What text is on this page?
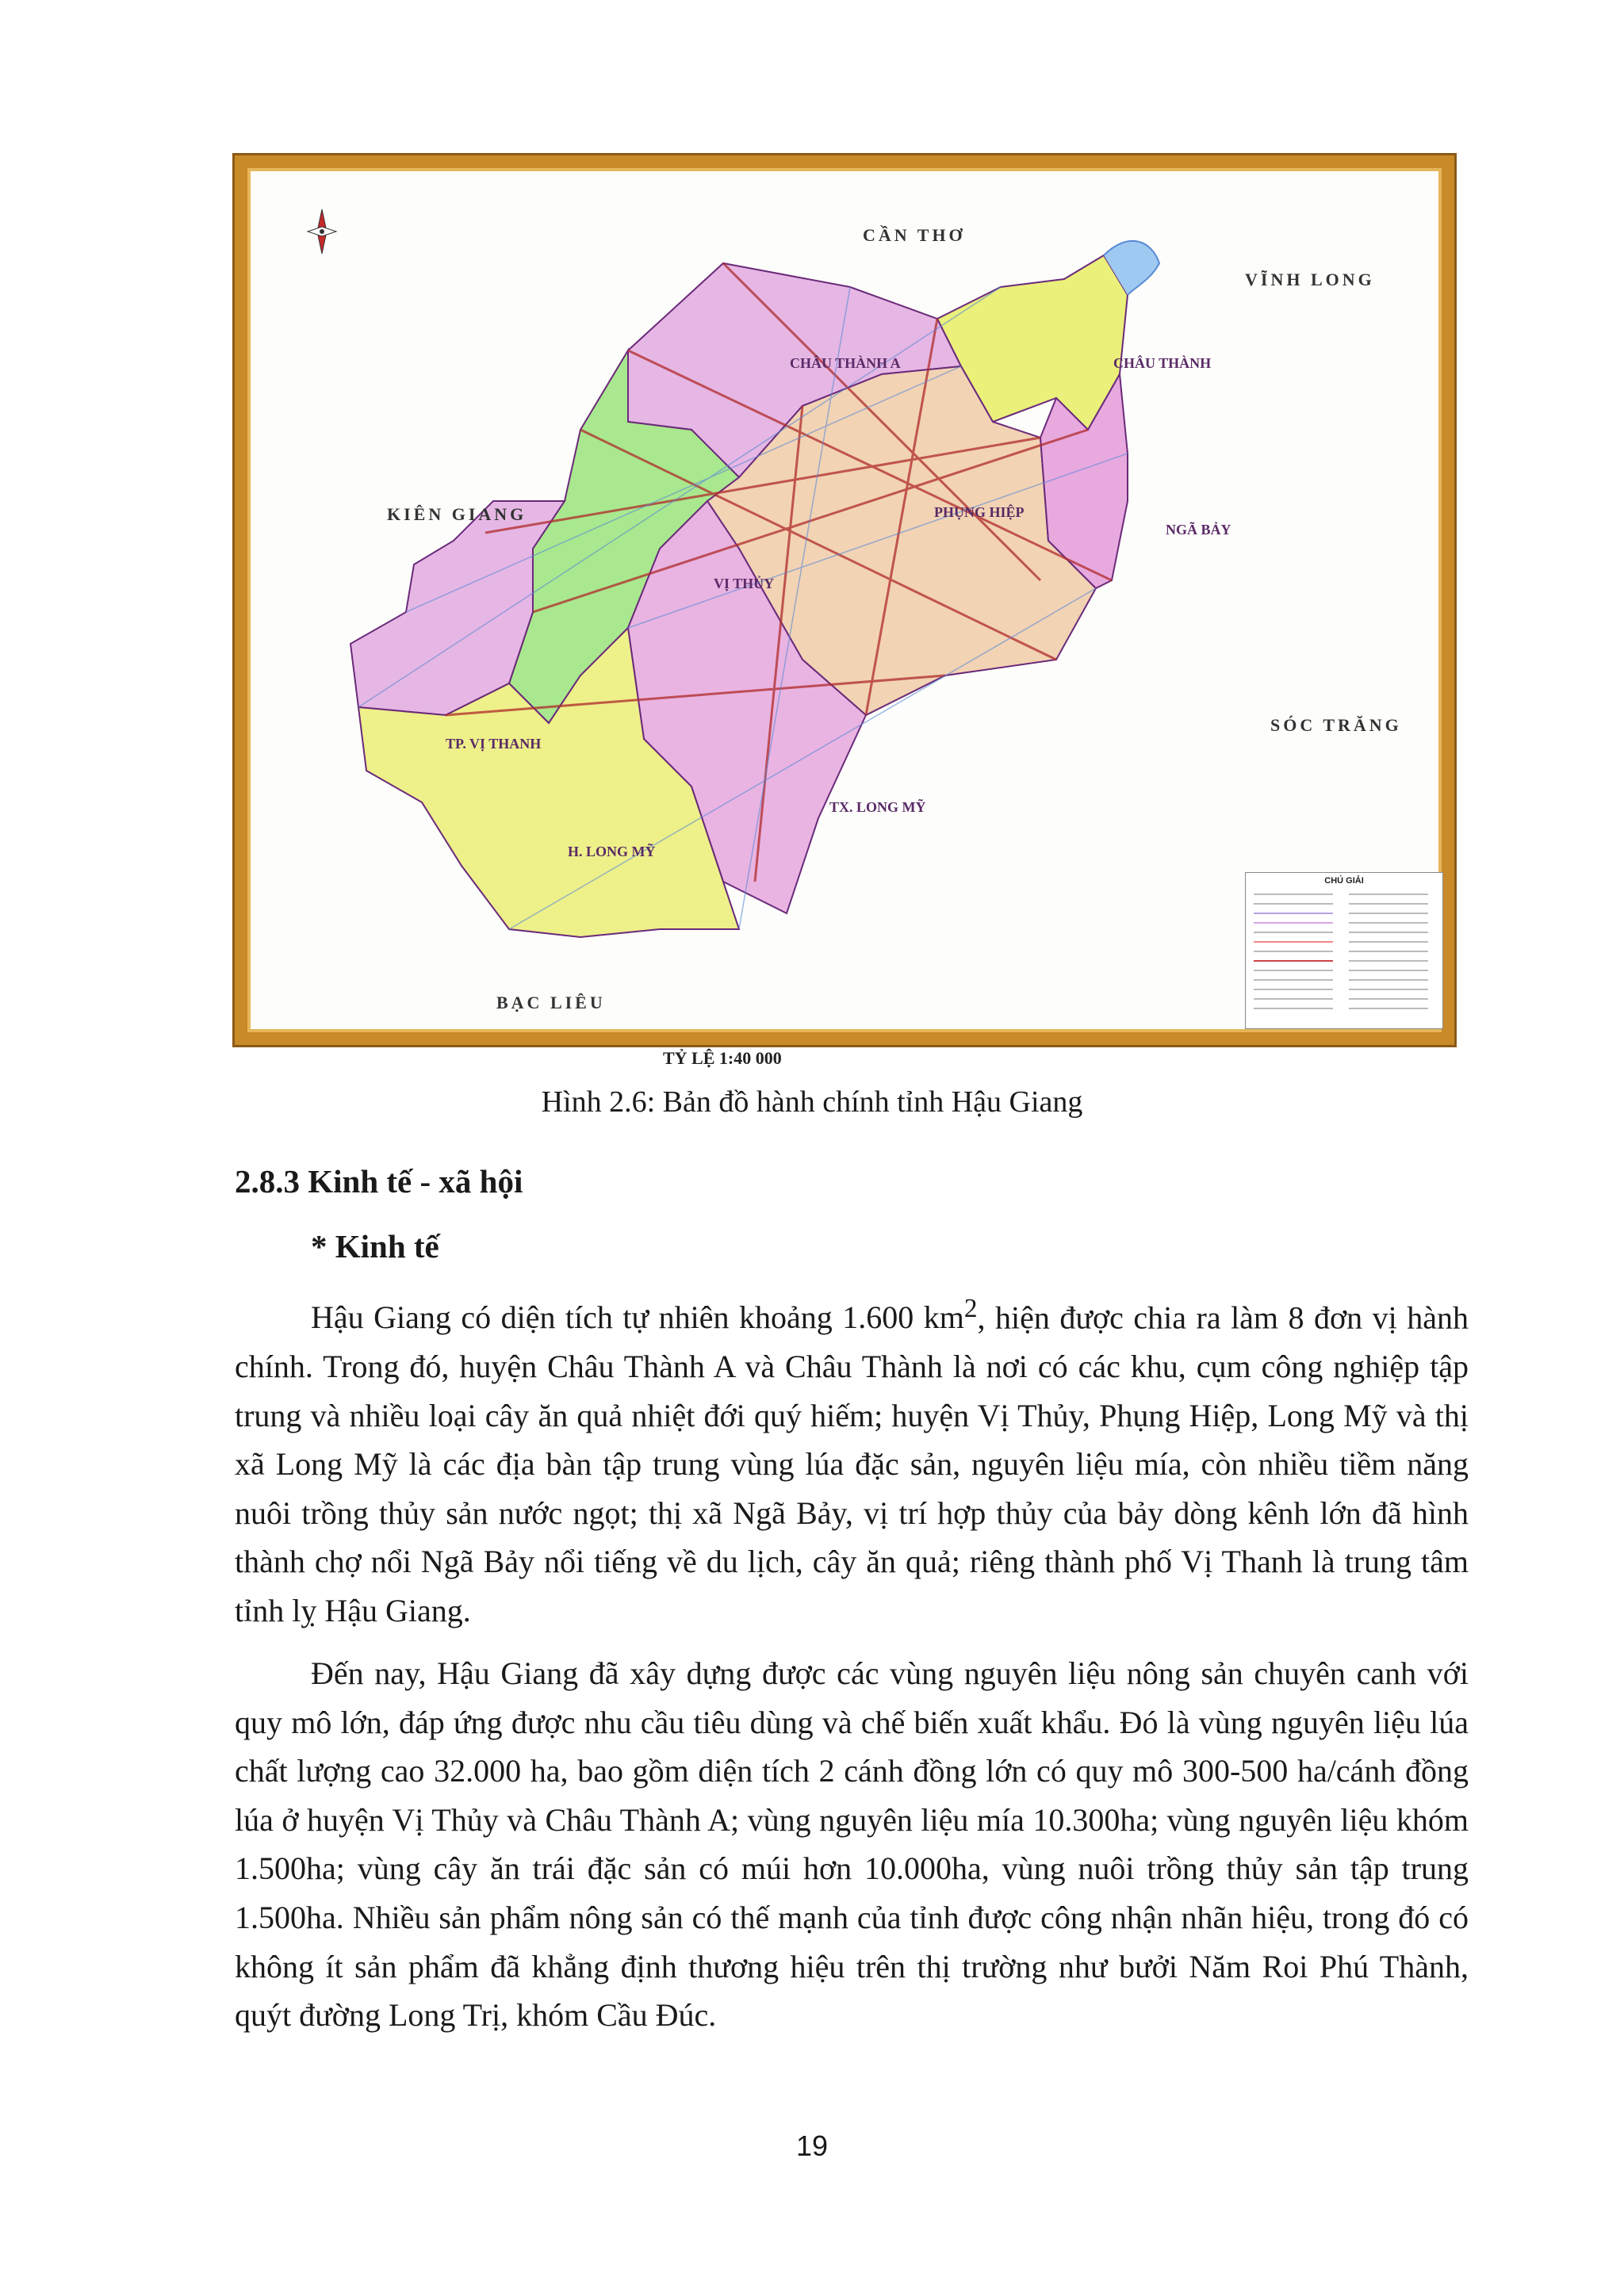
CẦN THƠ
VĨNH LONG
KIÊN GIANG
SÓC TRĂNG
BẠC LIÊU
CHÂU THÀNH A	CHÂU THÀNH
PHỤNG HIỆP
NGÃ BẢY
VỊ THỦY
TP. VỊ THANH
TX. LONG MỸ
H. LONG MỸ
CHÚ GIẢI
TỶ LỆ 1:40 000
Hình 2.6: Bản đồ hành chính tỉnh Hậu Giang
2.8.3 Kinh tế - xã hội
* Kinh tế

Hậu Giang có diện tích tự nhiên khoảng 1.600 $km^2$, hiện được chia ra làm 8 đơn vị hành chính. Trong đó, huyện Châu Thành A và Châu Thành là nơi có các khu, cụm công nghiệp tập trung và nhiều loại cây ăn quả nhiệt đới quý hiếm; huyện Vị Thủy, Phụng Hiệp, Long Mỹ và thị xã Long Mỹ là các địa bàn tập trung vùng lúa đặc sản, nguyên liệu mía, còn nhiều tiềm năng nuôi trồng thủy sản nước ngọt; thị xã Ngã Bảy, vị trí hợp thủy của bảy dòng kênh lớn đã hình thành chợ nổi Ngã Bảy nổi tiếng về du lịch, cây ăn quả; riêng thành phố Vị Thanh là trung tâm tỉnh lỵ Hậu Giang.

Đến nay, Hậu Giang đã xây dựng được các vùng nguyên liệu nông sản chuyên canh với quy mô lớn, đáp ứng được nhu cầu tiêu dùng và chế biến xuất khẩu. Đó là vùng nguyên liệu lúa chất lượng cao 32.000 ha, bao gồm diện tích 2 cánh đồng lớn có quy mô 300-500 ha/cánh đồng lúa ở huyện Vị Thủy và Châu Thành A; vùng nguyên liệu mía 10.300ha; vùng nguyên liệu khóm 1.500ha; vùng cây ăn trái đặc sản có múi hơn 10.000ha, vùng nuôi trồng thủy sản tập trung 1.500ha. Nhiều sản phẩm nông sản có thế mạnh của tỉnh được công nhận nhãn hiệu, trong đó có không ít sản phẩm đã khẳng định thương hiệu trên thị trường như bưởi Năm Roi Phú Thành, quýt đường Long Trị, khóm Cầu Đúc.

19
